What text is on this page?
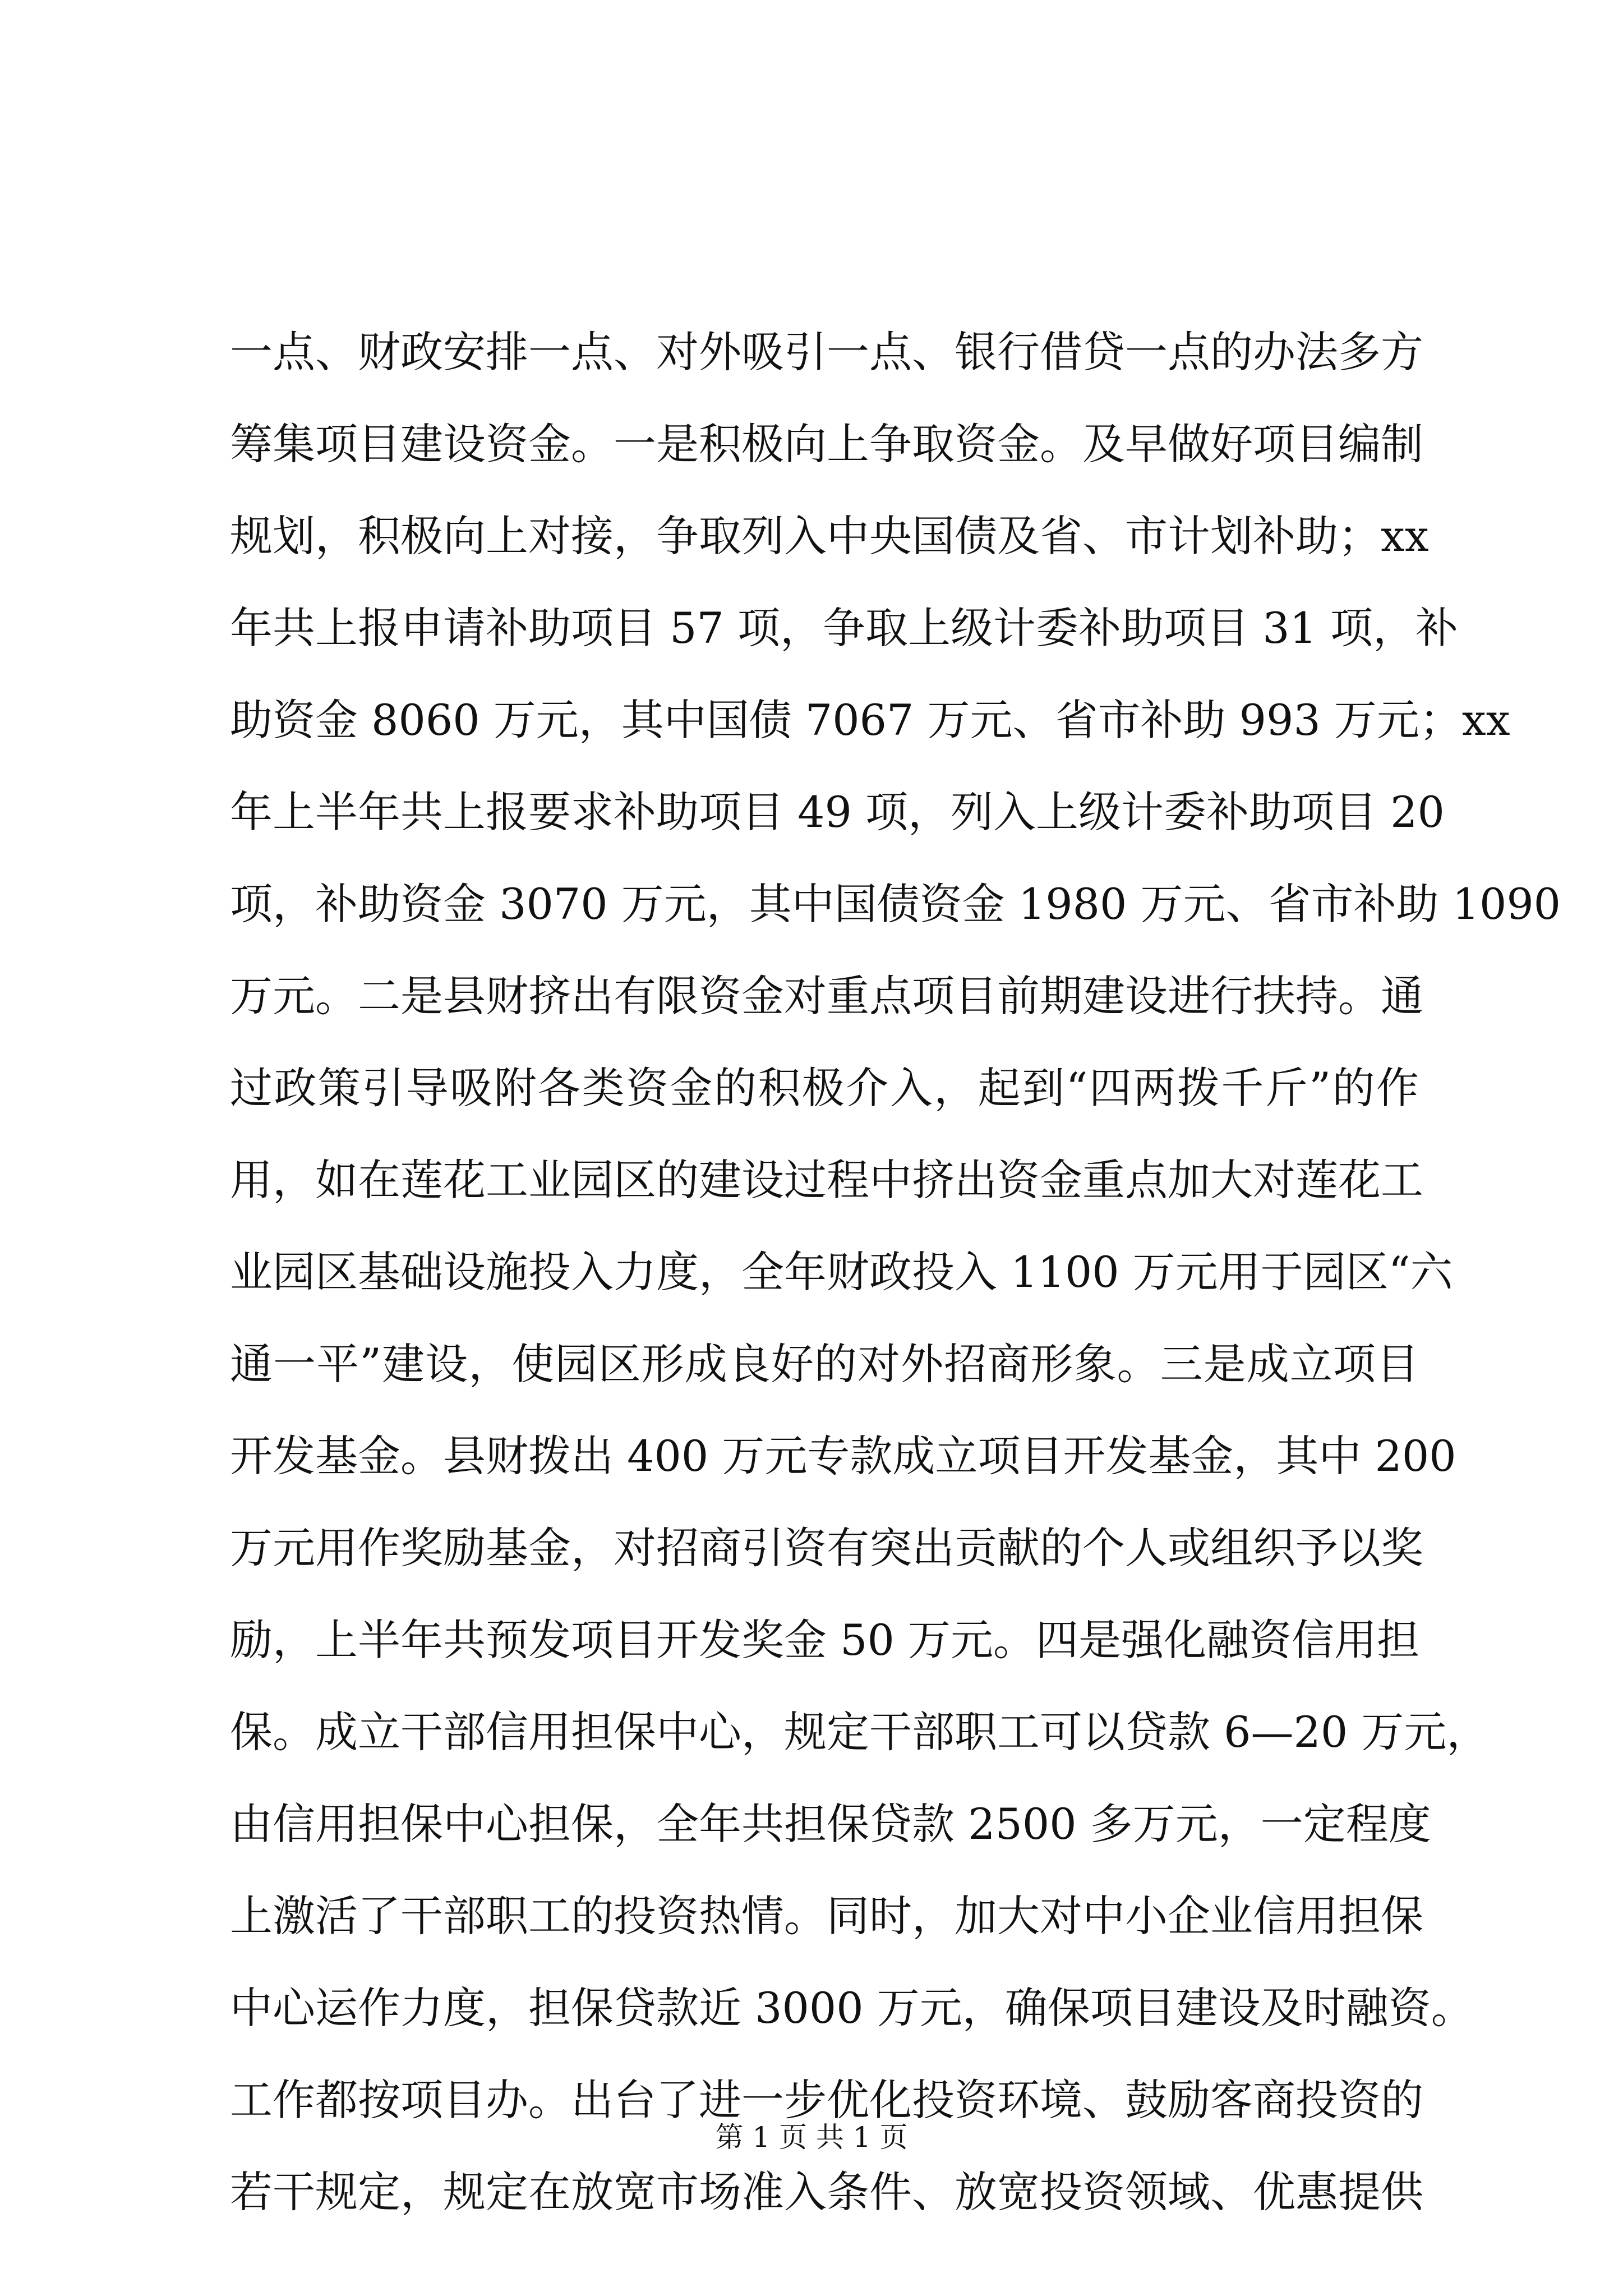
一点、财政安排一点、对外吸引一点、银行借贷一点的办法多方
筹集项目建设资金。一是积极向上争取资金。及早做好项目编制
规划，积极向上对接，争取列入中央国债及省、市计划补助；xx
年共上报申请补助项目 57 项，争取上级计委补助项目 31 项，补
助资金 8060 万元，其中国债 7067 万元、省市补助 993 万元；xx
年上半年共上报要求补助项目 49 项，列入上级计委补助项目 20
项，补助资金 3070 万元，其中国债资金 1980 万元、省市补助 1090
万元。二是县财挤出有限资金对重点项目前期建设进行扶持。通
过政策引导吸附各类资金的积极介入，起到“四两拨千斤”的作
用，如在莲花工业园区的建设过程中挤出资金重点加大对莲花工
业园区基础设施投入力度，全年财政投入 1100 万元用于园区“六
通一平”建设，使园区形成良好的对外招商形象。三是成立项目
开发基金。县财拨出 400 万元专款成立项目开发基金，其中 200
万元用作奖励基金，对招商引资有突出贡献的个人或组织予以奖
励，上半年共预发项目开发奖金 50 万元。四是强化融资信用担
保。成立干部信用担保中心，规定干部职工可以贷款 6—20 万元，
由信用担保中心担保，全年共担保贷款 2500 多万元，一定程度
上激活了干部职工的投资热情。同时，加大对中小企业信用担保
中心运作力度，担保贷款近 3000 万元，确保项目建设及时融资。
工作都按项目办。出台了进一步优化投资环境、鼓励客商投资的
若干规定，规定在放宽市场准入条件、放宽投资领域、优惠提供
第 1 页 共 1 页
